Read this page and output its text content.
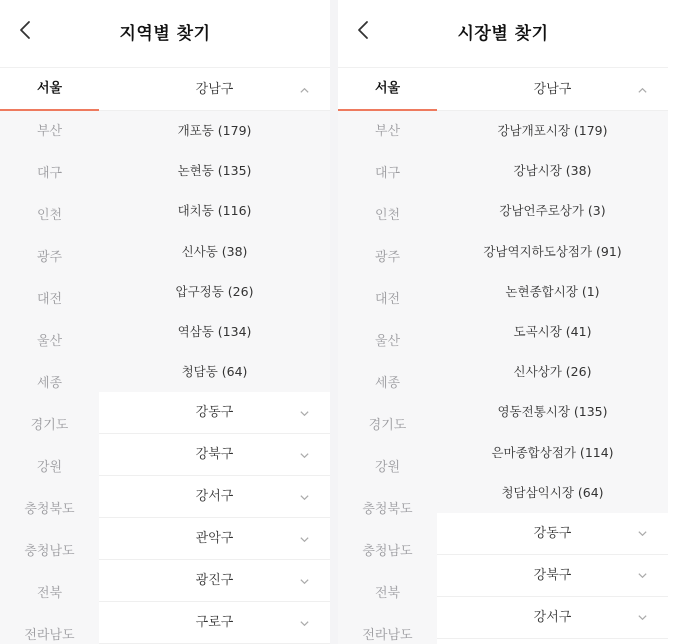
지역별 찾기
서울
부산
대구
인천
광주
대전
울산
세종
경기도
강원
충청북도
충청남도
전북
전라남도
강남구
개포동 (179)
논현동 (135)
대치동 (116)
신사동 (38)
압구정동 (26)
역삼동 (134)
청담동 (64)
강동구
강북구
강서구
관악구
광진구
구로구
시장별 찾기
서울
부산
대구
인천
광주
대전
울산
세종
경기도
강원
충청북도
충청남도
전북
전라남도
강남구
강남개포시장 (179)
강남시장 (38)
강남언주로상가 (3)
강남역지하도상점가 (91)
논현종합시장 (1)
도곡시장 (41)
신사상가 (26)
영동전통시장 (135)
은마종합상점가 (114)
청담삼익시장 (64)
강동구
강북구
강서구
